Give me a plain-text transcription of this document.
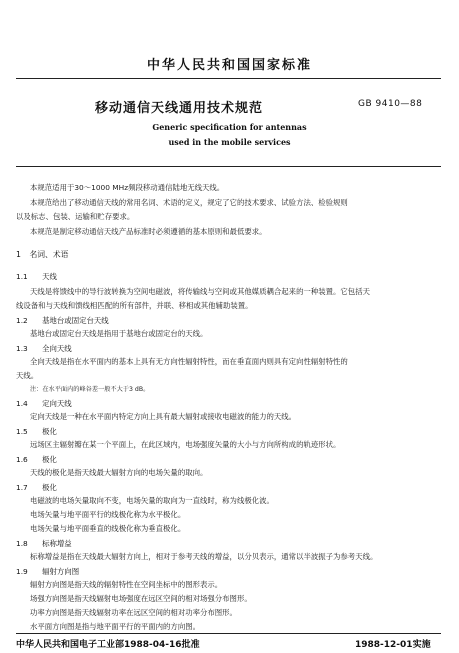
中华人民共和国国家标准
移动通信天线通用技术规范	GB 9410—88
Generic specification for antennas
used in the mobile services
本规范适用于30～1000 MHz频段移动通信陆地无线天线。
本规范给出了移动通信天线的常用名词、术语的定义，规定了它的技术要求、试验方法、检验规则
以及标志、包装、运输和贮存要求。
本规范是制定移动通信天线产品标准时必须遵循的基本原则和最低要求。
1 名词、术语
1.1 天线
天线是将馈线中的导行波转换为空间电磁波，将传输线与空间或其他媒质耦合起来的一种装置。它包括天
线设备和与天线和馈线相匹配的所有部件，并联、移相或其他辅助装置。
1.2 基地台或固定台天线
基地台或固定台天线是指用于基地台或固定台的天线。
1.3 全向天线
全向天线是指在水平面内的基本上具有无方向性辐射特性，而在垂直面内则具有定向性辐射特性的
天线。
注：在水平面内的峰谷差一般不大于3 dB。
1.4 定向天线
定向天线是一种在水平面内特定方向上具有最大辐射或接收电磁波的能力的天线。
1.5 极化
远场区主辐射瓣在某一个平面上，在此区域内，电场强度矢量的大小与方向所构成的轨迹形状。
1.6 极化
天线的极化是指天线最大辐射方向的电场矢量的取向。
1.7 极化
电磁波的电场矢量取向不变，电场矢量的取向为一直线时，称为线极化波。
电场矢量与地平面平行的线极化称为水平极化。
电场矢量与地平面垂直的线极化称为垂直极化。
1.8 标称增益
标称增益是指在天线最大辐射方向上，相对于参考天线的增益，以分贝表示，通常以半波振子为参考天线。
1.9 辐射方向图
辐射方向图是指天线的辐射特性在空间坐标中的图形表示。
场强方向图是指天线辐射电场强度在远区空间的相对场强分布图形。
功率方向图是指天线辐射功率在远区空间的相对功率分布图形。
水平面方向图是指与地平面平行的平面内的方向图。
中华人民共和国电子工业部1988-04-16批准	1988-12-01实施
